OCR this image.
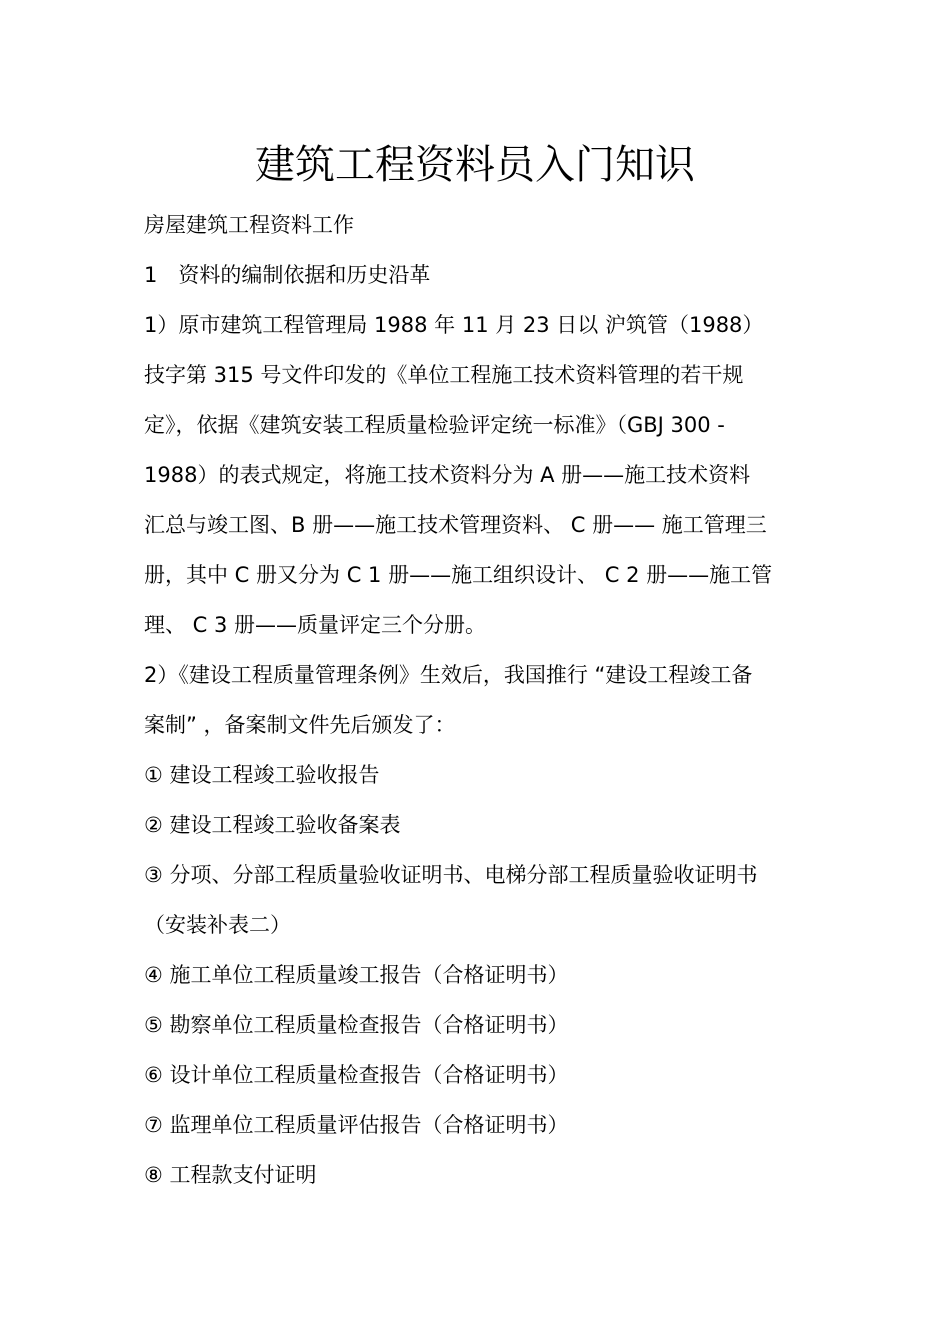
建筑工程资料员入门知识
房屋建筑工程资料工作
1　资料的编制依据和历史沿革
1）原市建筑工程管理局 1988 年 11 月 23 日以 沪筑管（1988）
技字第 315 号文件印发的《单位工程施工技术资料管理的若干规
定》，依据《建筑安装工程质量检验评定统一标准》（GBJ 300 -
1988）的表式规定，将施工技术资料分为 A 册——施工技术资料
汇总与竣工图、B 册——施工技术管理资料、 C 册—— 施工管理三
册，其中 C 册又分为 C 1 册——施工组织设计、 C 2 册——施工管
理、 C 3 册——质量评定三个分册。
2）《建设工程质量管理条例》生效后，我国推行 “建设工程竣工备
案制” ，备案制文件先后颁发了：
① 建设工程竣工验收报告
② 建设工程竣工验收备案表
③ 分项、分部工程质量验收证明书、电梯分部工程质量验收证明书
（安装补表二）
④ 施工单位工程质量竣工报告（合格证明书）
⑤ 勘察单位工程质量检查报告（合格证明书）
⑥ 设计单位工程质量检查报告（合格证明书）
⑦ 监理单位工程质量评估报告（合格证明书）
⑧ 工程款支付证明
